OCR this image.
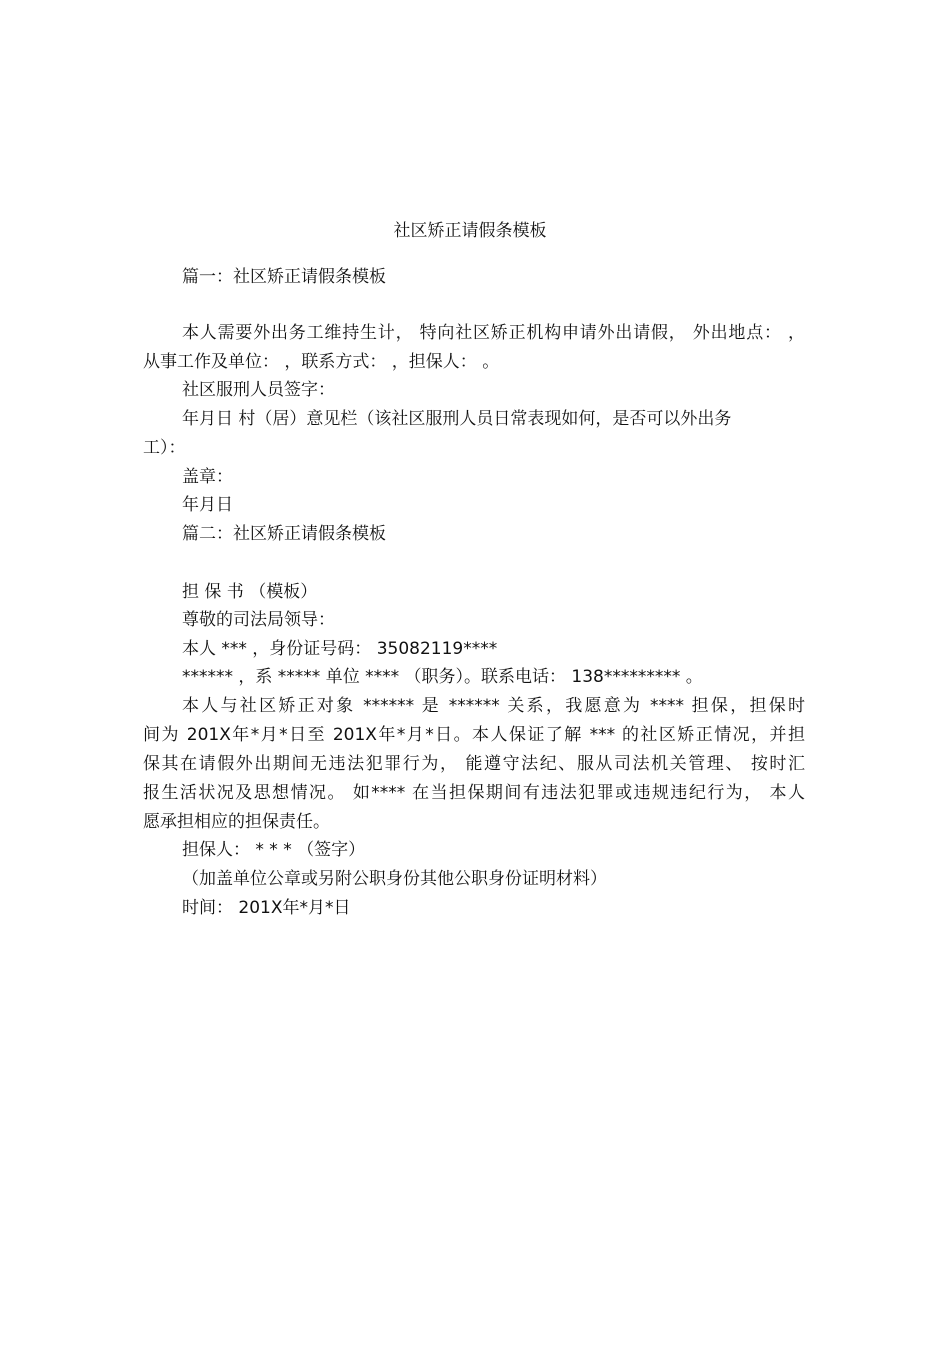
社区矫正请假条模板
篇一：社区矫正请假条模板
本人需要外出务工维持生计， 特向社区矫正机构申请外出请假， 外出地点： ，
从事工作及单位： ，联系方式： ，担保人： 。
社区服刑人员签字：
年月日 村（居）意见栏（该社区服刑人员日常表现如何，是否可以外出务
工）：
盖章：
年月日
篇二：社区矫正请假条模板
担 保 书 （模板）
尊敬的司法局领导：
本人 *** ，身份证号码： 35082119****
****** ，系 ***** 单位 **** （职务）。联系电话： 138********* 。
本人与社区矫正对象 ****** 是 ****** 关系，我愿意为 **** 担保，担保时
间为 201X年*月*日至 201X年*月*日。本人保证了解 *** 的社区矫正情况，并担
保其在请假外出期间无违法犯罪行为， 能遵守法纪、服从司法机关管理、 按时汇
报生活状况及思想情况。 如**** 在当担保期间有违法犯罪或违规违纪行为， 本人
愿承担相应的担保责任。
担保人： * * * （签字）
（加盖单位公章或另附公职身份其他公职身份证明材料）
时间： 201X年*月*日
